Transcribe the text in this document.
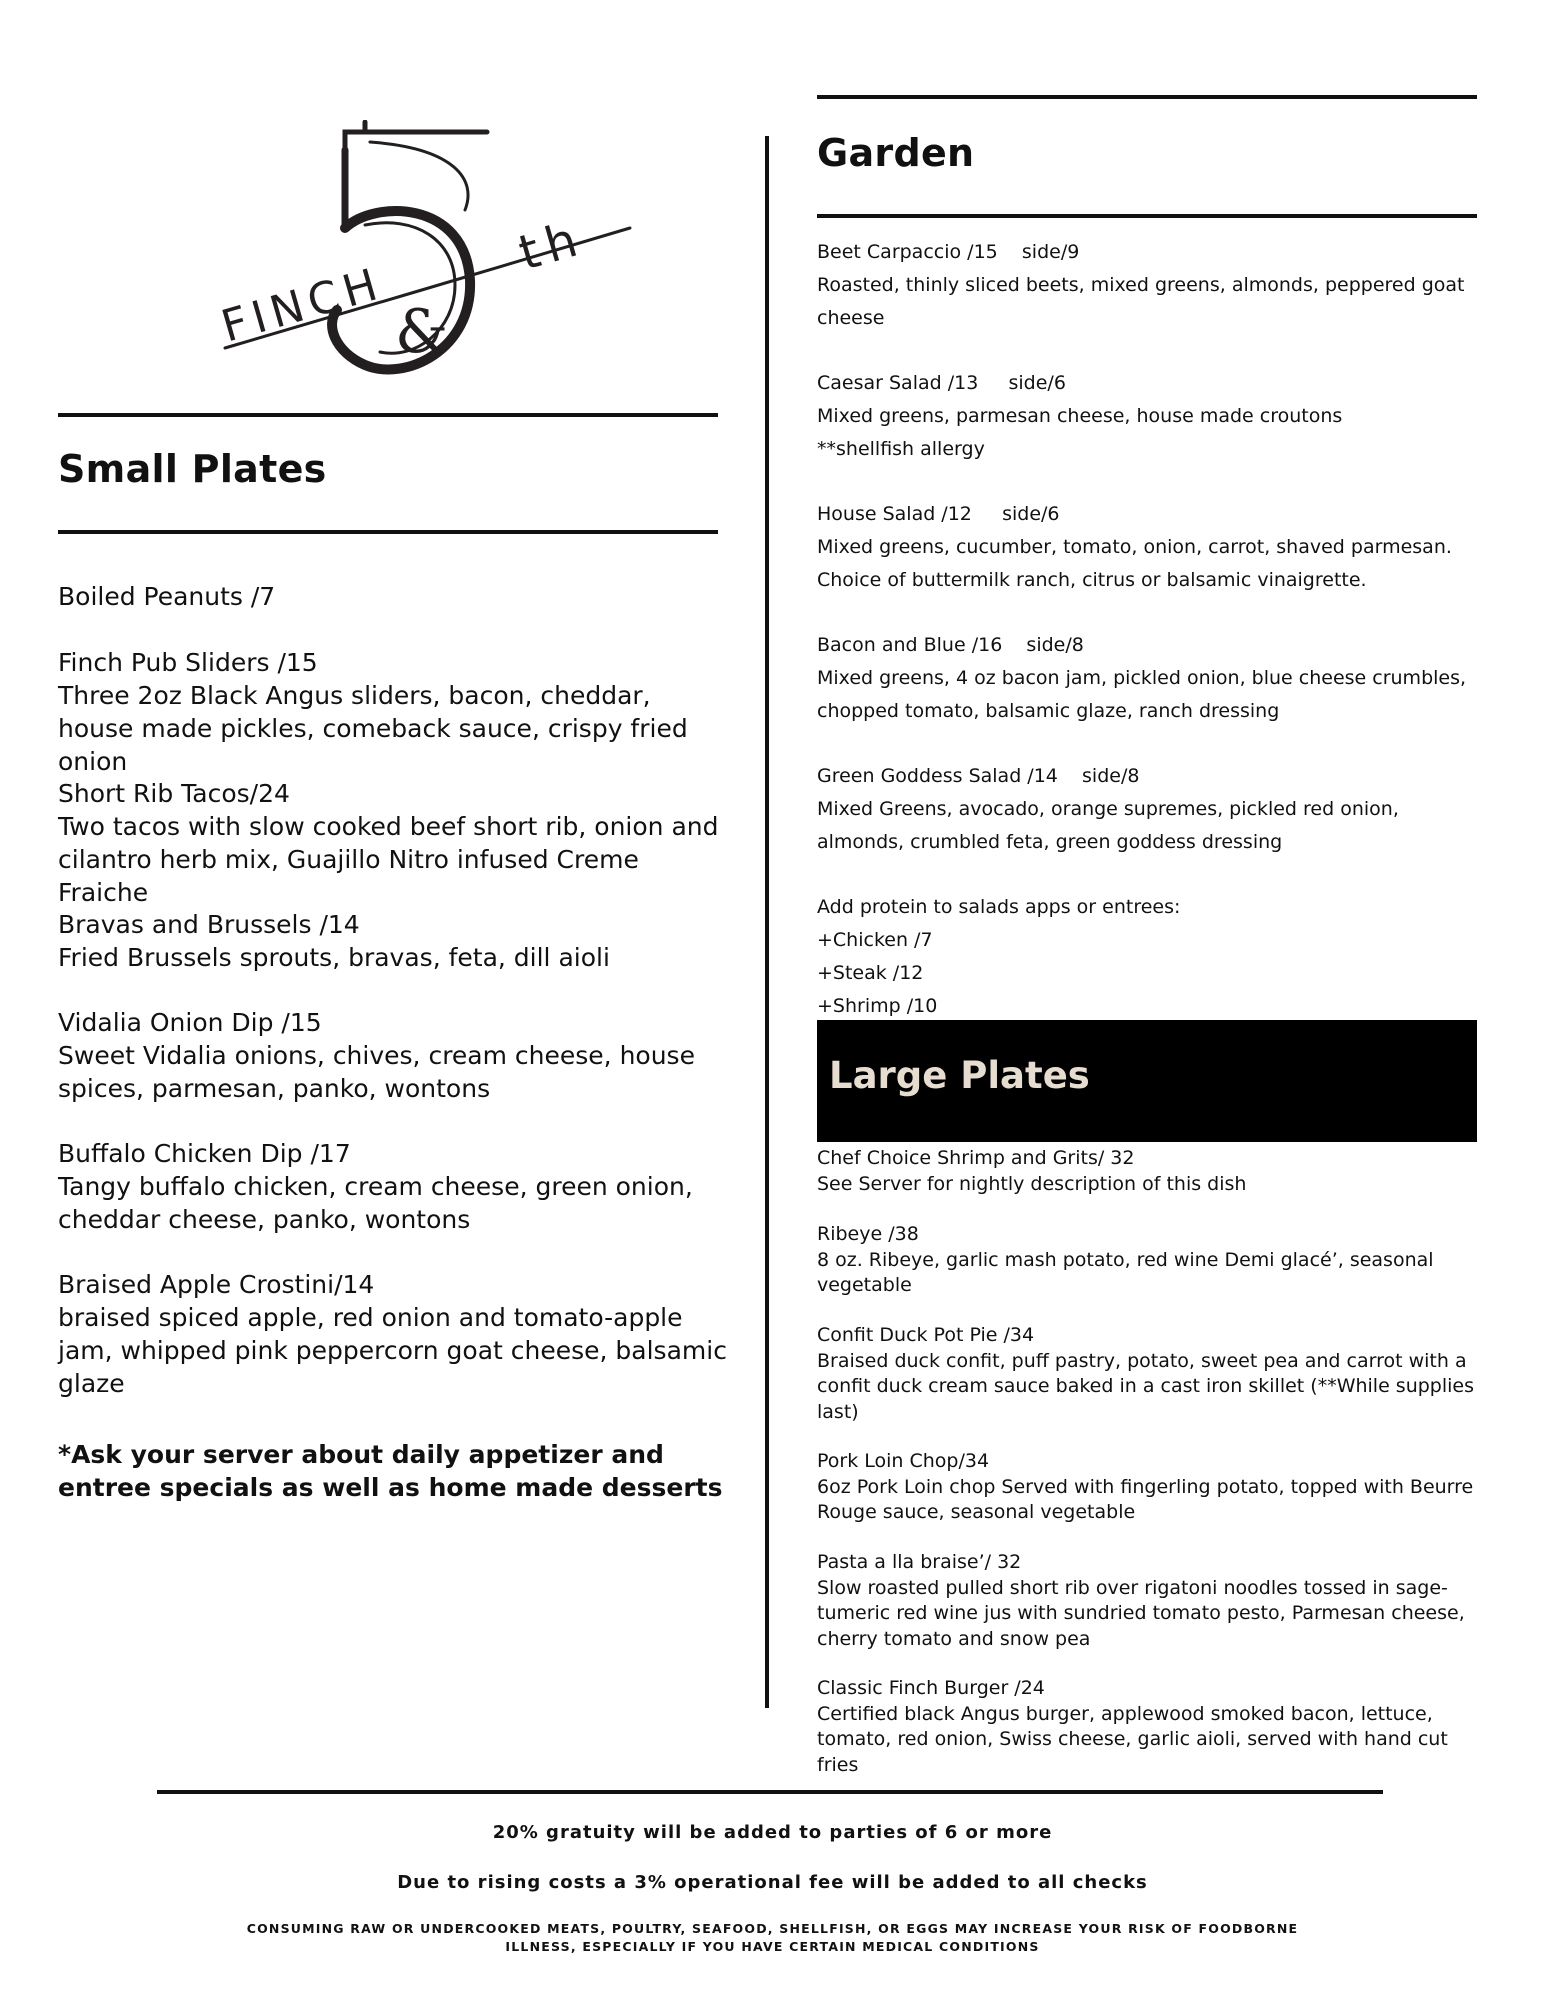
FINCH &
th
Small Plates
Boiled Peanuts /7
Finch Pub Sliders /15
Three 2oz Black Angus sliders, bacon, cheddar, house made pickles, comeback sauce, crispy fried onion
Short Rib Tacos/24
Two tacos with slow cooked beef short rib, onion and cilantro herb mix, Guajillo Nitro infused Creme Fraiche
Bravas and Brussels /14
Fried Brussels sprouts, bravas, feta, dill aioli
Vidalia Onion Dip /15
Sweet Vidalia onions, chives, cream cheese, house spices, parmesan, panko, wontons
Buffalo Chicken Dip /17
Tangy buffalo chicken, cream cheese, green onion, cheddar cheese, panko, wontons
Braised Apple Crostini/14
braised spiced apple, red onion and tomato-apple jam, whipped pink peppercorn goat cheese, balsamic glaze
*Ask your server about daily appetizer and entree specials as well as home made desserts
Garden
Beet Carpaccio /15    side/9
Roasted, thinly sliced beets, mixed greens, almonds, peppered goat cheese
Caesar Salad /13     side/6
Mixed greens, parmesan cheese, house made croutons
**shellfish allergy
House Salad /12     side/6
Mixed greens, cucumber, tomato, onion, carrot, shaved parmesan. Choice of buttermilk ranch, citrus or balsamic vinaigrette.
Bacon and Blue /16    side/8
Mixed greens, 4 oz bacon jam, pickled onion, blue cheese crumbles, chopped tomato, balsamic glaze, ranch dressing
Green Goddess Salad /14    side/8
Mixed Greens, avocado, orange supremes, pickled red onion, almonds, crumbled feta, green goddess dressing
Add protein to salads apps or entrees:
+Chicken /7
+Steak /12
+Shrimp /10
Large Plates
Chef Choice Shrimp and Grits/ 32
See Server for nightly description of this dish
Ribeye /38
8 oz. Ribeye, garlic mash potato, red wine Demi glacé’, seasonal vegetable
Confit Duck Pot Pie /34
Braised duck confit, puff pastry, potato, sweet pea and carrot with a confit duck cream sauce baked in a cast iron skillet (**While supplies last)
Pork Loin Chop/34
6oz Pork Loin chop Served with fingerling potato, topped with Beurre Rouge sauce, seasonal vegetable
Pasta a lla braise’/ 32
Slow roasted pulled short rib over rigatoni noodles tossed in sage-tumeric red wine jus with sundried tomato pesto, Parmesan cheese, cherry tomato and snow pea
Classic Finch Burger /24
Certified black Angus burger, applewood smoked bacon, lettuce, tomato, red onion, Swiss cheese, garlic aioli, served with hand cut fries
20% gratuity will be added to parties of 6 or more
Due to rising costs a 3% operational fee will be added to all checks
CONSUMING RAW OR UNDERCOOKED MEATS, POULTRY, SEAFOOD, SHELLFISH, OR EGGS MAY INCREASE YOUR RISK OF FOODBORNE
ILLNESS, ESPECIALLY IF YOU HAVE CERTAIN MEDICAL CONDITIONS
